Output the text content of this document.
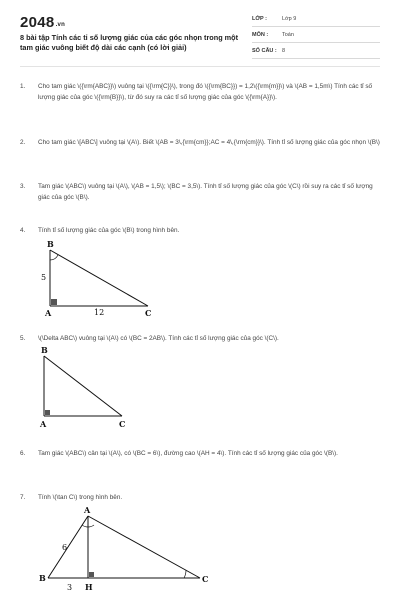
2048.vn
8 bài tập Tính các tỉ số lượng giác của các góc nhọn trong một tam giác vuông biết độ dài các cạnh (có lời giải)
LỚP :	Lớp 9
MÔN :	Toán
SỐ CÂU : 8
1.	Cho tam giác \({\rm{ABC}}\) vuông tại \({\rm{C}}\), trong đó \({\rm{BC}}) = 1,2\({\rm{m}}\) và \(AB = 1,5m\) Tính các tỉ số lượng giác của góc \({\rm{B}}\), từ đó suy ra các tỉ số lượng giác của góc \({\rm{A}}\).
2.	Cho tam giác \[ABC\] vuông tại \(A\). Biết \(AB = 3\,{\rm{cm}};AC = 4\,{\rm{cm}}\). Tính tỉ số lượng giác của góc nhọn \(B\)
3.	Tam giác \(ABC\) vuông tại \(A\), \(AB = 1,5\); \(BC = 3,5\). Tính tỉ số lượng giác của góc \(C\) rồi suy ra các tỉ số lượng giác của góc \(B\).
4.	Tính tỉ số lượng giác của góc \(B\) trong hình bên.
B
A	C
5
12
5.	\(\Delta ABC\) vuông tại \(A\) có \(BC = 2AB\). Tính các tỉ số lượng giác của góc \(C\).
B
A	C
6.	Tam giác \(ABC\) cân tại \(A\), có \(BC = 6\), đường cao \(AH = 4\). Tính các tỉ số lượng giác của góc \(B\).
7.	Tính \(\tan C\) trong hình bên.
A
B
H
C
6
3
